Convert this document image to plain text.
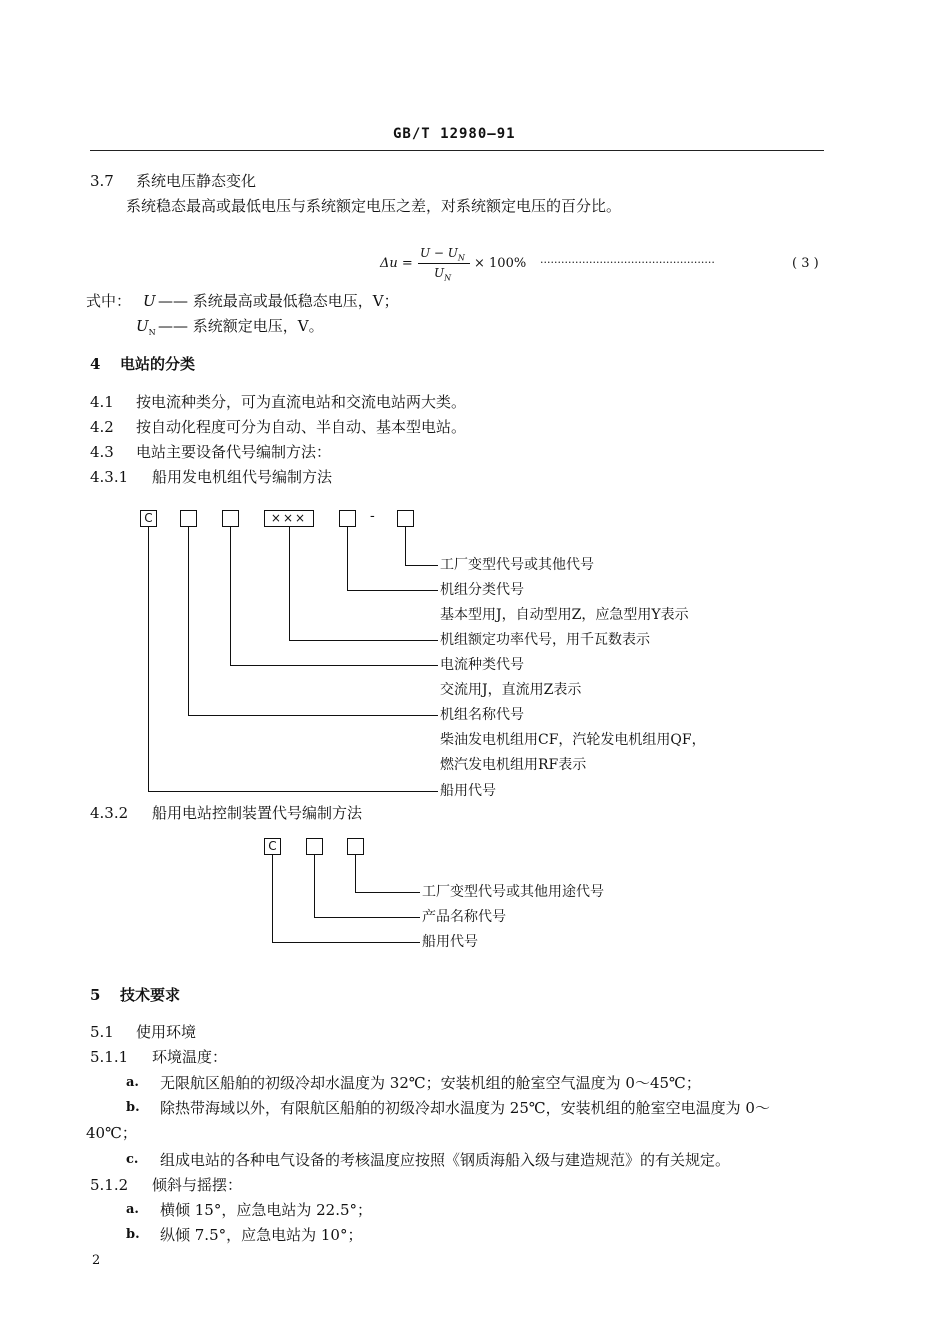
GB/T 12980—91
3.7 系统电压静态变化
系统稳态最高或最低电压与系统额定电压之差，对系统额定电压的百分比。
Δu =
$U - U_N$
$U_N$
× 100% ··················································	( 3 )
式中： U —— 系统最高或最低稳态电压，V；
$U_N$ —— 系统额定电压，V。
4 电站的分类
4.1 按电流种类分，可为直流电站和交流电站两大类。
4.2 按自动化程度可分为自动、半自动、基本型电站。
4.3 电站主要设备代号编制方法：
4.3.1 船用发电机组代号编制方法
C	×××	-
工厂变型代号或其他代号
机组分类代号
基本型用J，自动型用Z，应急型用Y表示
机组额定功率代号，用千瓦数表示
电流种类代号
交流用J，直流用Z表示
机组名称代号
柴油发电机组用CF，汽轮发电机组用QF，
燃汽发电机组用RF表示
船用代号
4.3.2 船用电站控制装置代号编制方法
C
工厂变型代号或其他用途代号
产品名称代号
船用代号
5 技术要求
5.1 使用环境
5.1.1 环境温度：
a. 无限航区船舶的初级冷却水温度为 32℃；安装机组的舱室空气温度为 0～45℃；
b. 除热带海域以外，有限航区船舶的初级冷却水温度为 25℃，安装机组的舱室空电温度为 0～
40℃；
c. 组成电站的各种电气设备的考核温度应按照《钢质海船入级与建造规范》的有关规定。
5.1.2 倾斜与摇摆：
a. 横倾 15°，应急电站为 22.5°；
b. 纵倾 7.5°，应急电站为 10°；
2
